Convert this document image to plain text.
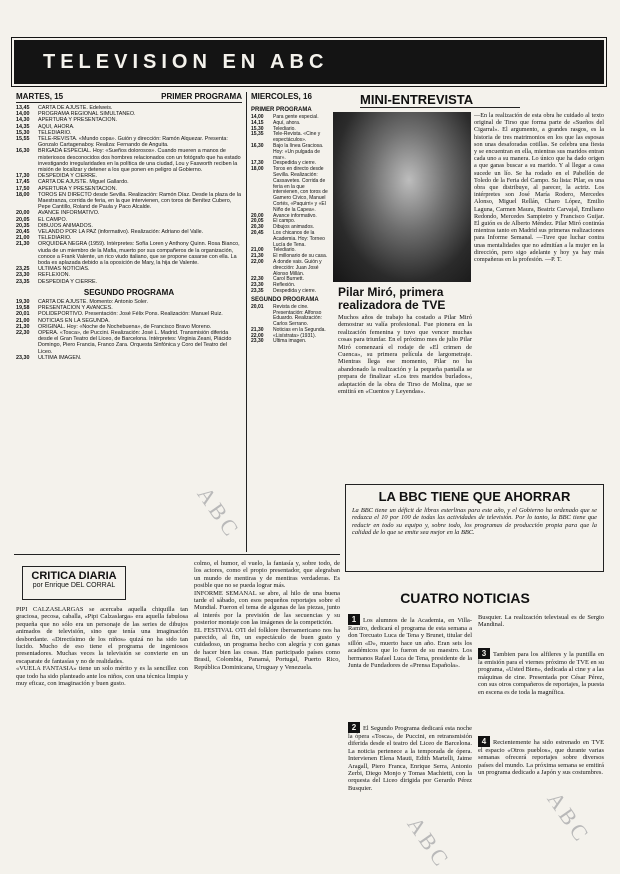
TELEVISION EN ABC
MARTES, 15	PRIMER PROGRAMA
13,45	CARTA DE AJUSTE. Edelweis.
14,00	PROGRAMA REGIONAL SIMULTANEO.
14,30	APERTURA Y PRESENTACION.
14,35	AQUI, AHORA.
15,30	TELEDIARIO.
15,55	TELE-REVISTA. «Mundo copa». Guión y dirección: Ramón Alquezar. Presenta: Gonzalo Cartagenaboy. Realiza: Fernando de Anguita.
16,30	BRIGADA ESPECIAL. Hoy: «Sueños dolorosos». Cuando mueren a manos de misteriosos desconocidos dos hombres relacionados con un fotógrafo que ha estado investigando irregularidades en la política de una ciudad, Lou y Fasworth reciben la misión de localizar y detener a los que ponen en peligro al Gobierno.
17,30	DESPEDIDA Y CIERRE.
17,45	CARTA DE AJUSTE. Miguel Gallardo.
17,50	APERTURA Y PRESENTACION.
18,00	TOROS EN DIRECTO desde Sevilla. Realización: Ramón Díaz. Desde la plaza de la Maestranza, corrida de feria, en la que intervienen, con toros de Benítez Cubero, Pepe Cantillo, Roland de Paula y Paco Alcalde.
20,00	AVANCE INFORMATIVO.
20,05	EL CAMPO.
20,35	DIBUJOS ANIMADOS.
20,45	VELANDO POR LA PAZ (informativo). Realización: Adriano del Valle.
21,00	TELEDIARIO.
21,30	ORQUIDEA NEGRA (1959). Intérpretes: Sofía Loren y Anthony Quinn. Rosa Bianco, viuda de un miembro de la Mafia, muerto por sus compañeros de la organización, conoce a Frank Valente, un rico viudo italiano, que se propone casarse con ella. La boda es aplazada debido a la oposición de Mary, la hija de Valente.
23,25	ULTIMAS NOTICIAS.
23,30	REFLEXION.
23,35	DESPEDIDA Y CIERRE.
SEGUNDO PROGRAMA
19,30	CARTA DE AJUSTE. Momento: Antonio Soler.
19,58	PRESENTACION Y AVANCES.
20,01	POLIDEPORTIVO. Presentación: José Félix Pons. Realización: Manuel Ruiz.
21,00	NOTICIAS EN LA SEGUNDA.
21,30	ORIGINAL. Hoy: «Noche de Nochebuena», de Francisco Bravo Moreno.
22,30	OPERA. «Tosca», de Puccini. Realización: José L. Madrid. Transmisión diferida desde el Gran Teatro del Liceo, de Barcelona. Intérpretes: Virginia Zeani, Plácido Domingo, Piero Francia, Franco Zara. Orquesta Sinfónica y Coro del Teatro del Liceo.
23,30	ULTIMA IMAGEN.
MIERCOLES, 16
PRIMER PROGRAMA
14,00	Para gente especial.
14,15	Aquí, ahora.
15,30	Telediario.
15,35	Tele-Revista. «Cine y espectáculos».
16,30	Bajo la línea Graciosa. Hoy: «Un pulgada de mar».
17,30	Despedida y cierre.
18,00	Toros en directo desde Sevilla. Realización: Cassavetes. Corrida de feria en la que intervienen, con toros de Gamero Cívico, Manuel Cortés, «Paquirri» y «El Niño de la Capea».
20,00	Avance informativo.
20,05	El campo.
20,30	Dibujos animados.
20,45	Los chicanos de la Academia. Hoy: Torneo Lucía de Tena.
21,00	Telediario.
21,30	El millonario de su casa.
22,00	A donde vais. Guión y dirección: Juan José Alonso Millán.
22,30	Carol Burnett.
23,30	Reflexión.
23,35	Despedida y cierre.
SEGUNDO PROGRAMA
20,01	Revista de cine. Presentación: Alfonso Eduardo. Realización: Carlos Serrano.
21,30	Noticias en la Segunda.
22,00	«Lisístrata» (1931).
23,30	Ultima imagen.
MINI-ENTREVISTA
—En la realización de esta obra he cuidado al texto original de Tirso que forma parte de «Sueños del Cigarral». El argumento, a grandes rasgos, es la historia de tres matrimonios en los que las esposas son unas desaforadas cotillas. Se celebra una fiesta y se encuentran en ella, mientras sus maridos entran cada uno a su manera. Lo único que ha dado origen a que ganas buscar a su marido. Y al llegar a casa sucede un lío. Se ha rodado en el Pabellón de Toledo de la Feria del Campo. Su lista: Pilar, es una obra que distribuye, al parecer, la actriz. Los intérpretes son José María Rodero, Mercedes Alonso, Miguel Rellán, Charo López, Emilio Laguna, Carmen Maura, Beatriz Carvajal, Emiliano Redondo, Mercedes Sampietro y Francisco Guijar. El guión es de Alberto Méndez. Pilar Miró continúa mientras tanto en Madrid sus primeras realizaciones para Informe Semanal. —Tuve que luchar contra unas mentalidades que no admitían a la mujer en la dirección, pero sigo adelante y hoy ya hay más compañeras en la profesión. —P. T.
Pilar Miró, primera realizadora de TVE
Muchos años de trabajo ha costado a Pilar Miró demostrar su valía profesional. Fue pionera en la realización femenina y tuvo que vencer muchas cosas para triunfar. En el próximo mes de julio Pilar Miró comenzará el rodaje de «El crimen de Cuenca», su primera película de largometraje. Mientras llega ese momento, Pilar no ha abandonado la realización y la pequeña pantalla se prepara de finalizar «Los tres maridos burlados», adaptación de la obra de Tirso de Molina, que se emitirá en «Cuentos y Leyendas».
LA BBC TIENE QUE AHORRAR
La BBC tiene un déficit de libras esterlinas para este año, y el Gobierno ha ordenado que se reduzca el 10 por 100 de todas las actividades de televisión. Por lo tanto, la BBC tiene que reducir en todo su equipo y, sobre todo, los programas de producción propia para que la calidad de lo que se emite sea mejor en la BBC.
CRITICA DIARIA
por Enrique DEL CORRAL
PIPI CALZASLARGAS se acercaba aquella chiquilla tan graciosa, pecosa, caballa, «Pipi Calzaslarga» era aquella fabulosa pequeña que no sólo era un personaje de las series de dibujos animados de televisión, sino que tenía una imaginación desbordante. «Directísimo de los niños» quizá no ha sido tan lucido. Mucho de eso tiene el programa de ingeniosos presentadores. Muchas veces la televisión se convierte en un escaparate de fantasías y no de realidades.
«VUELA FANTASIA» tiene un solo mérito y es la sencillez con que todo ha sido planteado ante los niños, con una técnica limpia y muy eficaz, con imaginación y buen gusto.
colmo, el humor, el vuelo, la fantasía y, sobre todo, de los actores, como el propio presentador, que alegraban un mundo de mentiras y de mentiras verdaderas. Es posible que no se pueda lograr más.
INFORME SEMANAL se abre, al hilo de una buena tarde el sábado, con esos pequeños reportajes sobre el Mundial. Fueron el tema de algunas de las piezas, junto al interés por la previsión de las secuencias y su posterior montaje con las imágenes de la competición.
EL FESTIVAL OTI del folklore iberoamericano nos ha parecido, al fin, un espectáculo de buen gusto y cuidadoso, un programa hecho con alegría y con ganas de hacer bien las cosas. Han participado países como Brasil, Colombia, Panamá, Portugal, Puerto Rico, República Dominicana, Uruguay y Venezuela.
CUATRO NOTICIAS
1 Los alumnos de la Academia, en Villa-Ramiro, dedicará el programa de esta semana a don Torcuato Luca de Tena y Brunet, titular del sillón «D», muerto hace un año. Eran seis los académicos que lo fueron de su maestro. Los hermanos Rafael Luca de Tena, presidente de la Junta de Fundadores de «Prensa Española».
2 El Segundo Programa dedicará esta noche la ópera «Tosca», de Puccini, en retransmisión diferida desde el teatro del Liceo de Barcelona. La noticia pertenece a la temporada de ópera. Intervienen Elena Mauti, Edith Martelli, Jaime Aragall, Piero Franca, Enrique Serra, Antonio Zerbi, Diego Monjo y Tomas Machietti, con la orquesta del Liceo dirigida por Gerardo Pérez Busquier.
Busquier. La realización televisual es de Sergio Mandinal.
3 Tambien para los alfileres y la puntilla en la emisión para el viernes próximo de TVE en su programa, «Usted Bien», dedicada al cine y a las máquinas de cine. Presentada por César Pérez, con sus otros compañeros de reportajes, la puesta en escena es de toda la magnífica.
4 Recientemente ha sido estrenado en TVE el espacio «Otros pueblos», que durante varias semanas ofrecerá reportajes sobre diversos países del mundo. La próxima semana se emitirá un programa dedicado a Japón y sus costumbres.
ABC
ABC	ABC
